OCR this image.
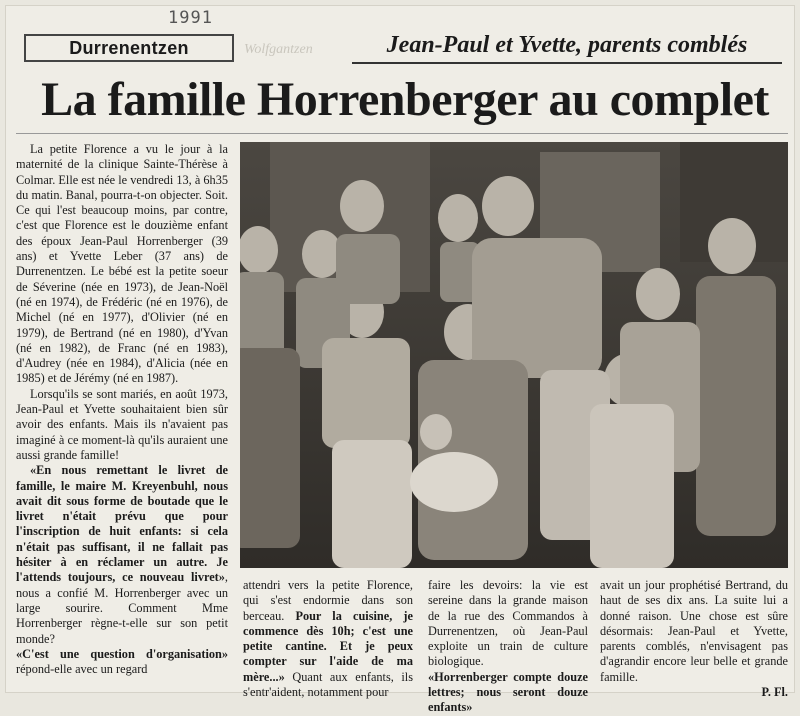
1991
Durrenentzen	Wolfgantzen	Jean-Paul et Yvette, parents comblés
La famille Horrenberger au complet

La petite Florence a vu le jour à la maternité de la clinique Sainte-Thérèse à Colmar. Elle est née le vendredi 13, à 6h35 du matin. Banal, pourra-t-on objecter. Soit. Ce qui l'est beaucoup moins, par contre, c'est que Florence est le douzième enfant des époux Jean-Paul Horrenberger (39 ans) et Yvette Leber (37 ans) de Durrenentzen. Le bébé est la petite soeur de Séverine (née en 1973), de Jean-Noël (né en 1974), de Frédéric (né en 1976), de Michel (né en 1977), d'Olivier (né en 1979), de Bertrand (né en 1980), d'Yvan (né en 1982), de Franc (né en 1983), d'Audrey (née en 1984), d'Alicia (née en 1985) et de Jérémy (né en 1987).

Lorsqu'ils se sont mariés, en août 1973, Jean-Paul et Yvette souhaitaient bien sûr avoir des enfants. Mais ils n'avaient pas imaginé à ce moment-là qu'ils auraient une aussi grande famille!

«En nous remettant le livret de famille, le maire M. Kreyenbuhl, nous avait dit sous forme de boutade que le livret n'était prévu que pour l'inscription de huit enfants: si cela n'était pas suffisant, il ne fallait pas hésiter à en réclamer un autre. Je l'attends toujours, ce nouveau livret», nous a confié M. Horrenberger avec un large sourire. Comment Mme Horrenberger règne-t-elle sur son petit monde?

«C'est une question d'organisation» répond-elle avec un regard

attendri vers la petite Florence, qui s'est endormie dans son berceau. Pour la cuisine, je commence dès 10h; c'est une petite cantine. Et je peux compter sur l'aide de ma mère...» Quant aux enfants, ils s'entr'aident, notamment pour

faire les devoirs: la vie est sereine dans la grande maison de la rue des Commandos à Durrenentzen, où Jean-Paul exploite un train de culture biologique.

«Horrenberger compte douze lettres; nous seront douze enfants»

avait un jour prophétisé Bertrand, du haut de ses dix ans. La suite lui a donné raison. Une chose est sûre désormais: Jean-Paul et Yvette, parents comblés, n'envisagent pas d'agrandir encore leur belle et grande famille.

P. Fl.
